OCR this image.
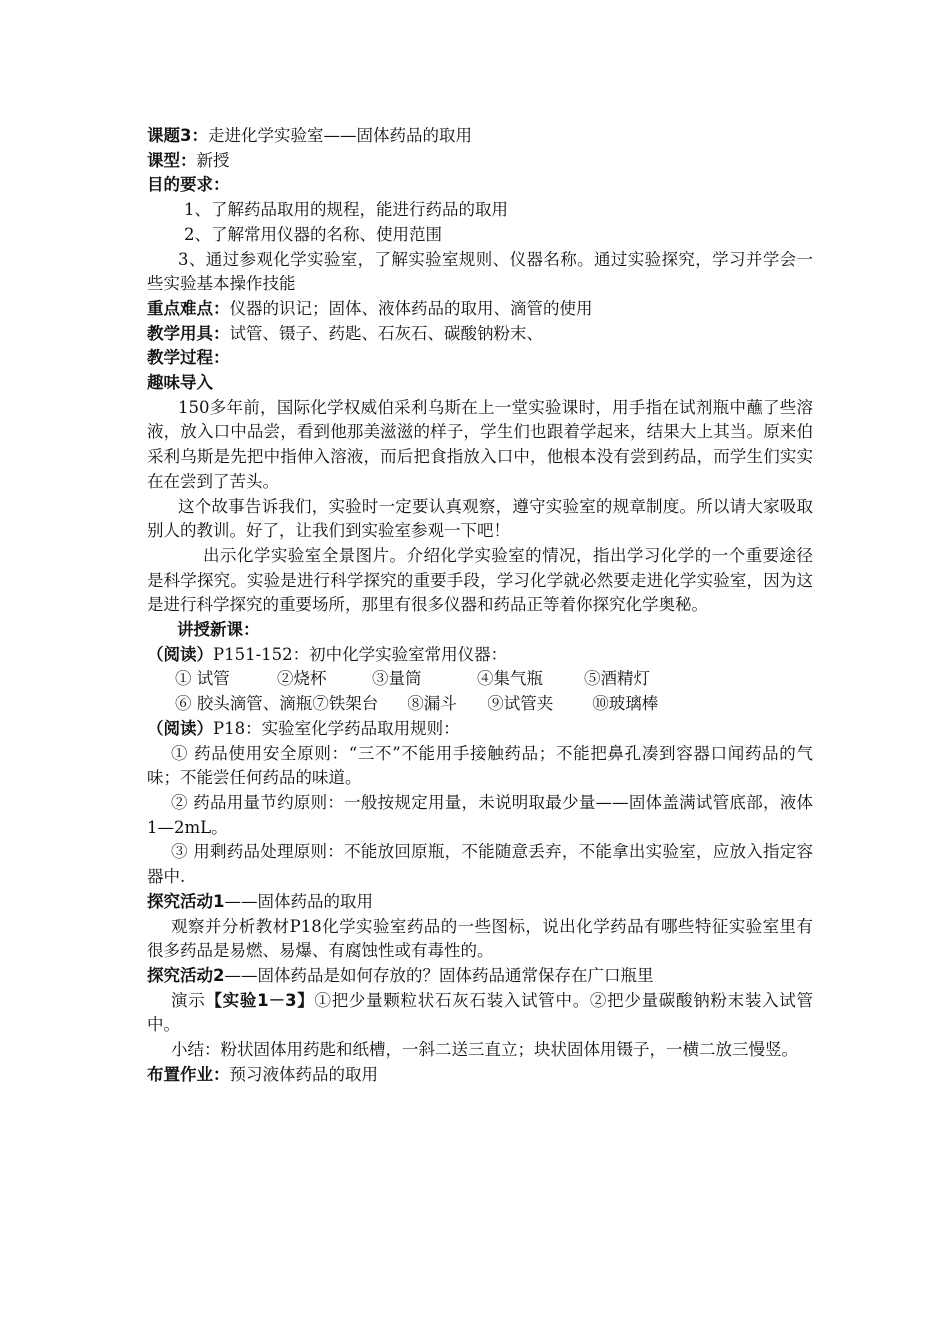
课题3：走进化学实验室——固体药品的取用
课型：新授
目的要求：
1、了解药品取用的规程，能进行药品的取用
2、了解常用仪器的名称、使用范围
3、通过参观化学实验室，了解实验室规则、仪器名称。通过实验探究，学习并学会一些实验基本操作技能
重点难点：仪器的识记；固体、液体药品的取用、滴管的使用
教学用具：试管、镊子、药匙、石灰石、碳酸钠粉末、
教学过程：
趣味导入
150多年前，国际化学权威伯采利乌斯在上一堂实验课时，用手指在试剂瓶中蘸了些溶液，放入口中品尝，看到他那美滋滋的样子，学生们也跟着学起来，结果大上其当。原来伯采利乌斯是先把中指伸入溶液，而后把食指放入口中，他根本没有尝到药品，而学生们实实在在尝到了苦头。
这个故事告诉我们，实验时一定要认真观察，遵守实验室的规章制度。所以请大家吸取别人的教训。好了，让我们到实验室参观一下吧！
出示化学实验室全景图片。介绍化学实验室的情况，指出学习化学的一个重要途径是科学探究。实验是进行科学探究的重要手段，学习化学就必然要走进化学实验室，因为这是进行科学探究的重要场所，那里有很多仪器和药品正等着你探究化学奥秘。
讲授新课：
（阅读）P151-152：初中化学实验室常用仪器：
① 试管	②烧杯	③量筒	④集气瓶 ⑤酒精灯
⑥ 胶头滴管、滴瓶⑦铁架台 ⑧漏斗 ⑨试管夹 ⑩玻璃棒
（阅读）P18：实验室化学药品取用规则：
① 药品使用安全原则：“三不”不能用手接触药品；不能把鼻孔凑到容器口闻药品的气味；不能尝任何药品的味道。
② 药品用量节约原则：一般按规定用量，未说明取最少量——固体盖满试管底部，液体1—2mL。
③ 用剩药品处理原则：不能放回原瓶，不能随意丢弃，不能拿出实验室，应放入指定容器中.
探究活动1——固体药品的取用
观察并分析教材P18化学实验室药品的一些图标，说出化学药品有哪些特征实验室里有很多药品是易燃、易爆、有腐蚀性或有毒性的。
探究活动2——固体药品是如何存放的？固体药品通常保存在广口瓶里
演示【实验1－3】①把少量颗粒状石灰石装入试管中。②把少量碳酸钠粉末装入试管中。
小结：粉状固体用药匙和纸槽，一斜二送三直立；块状固体用镊子，一横二放三慢竖。
布置作业：预习液体药品的取用
